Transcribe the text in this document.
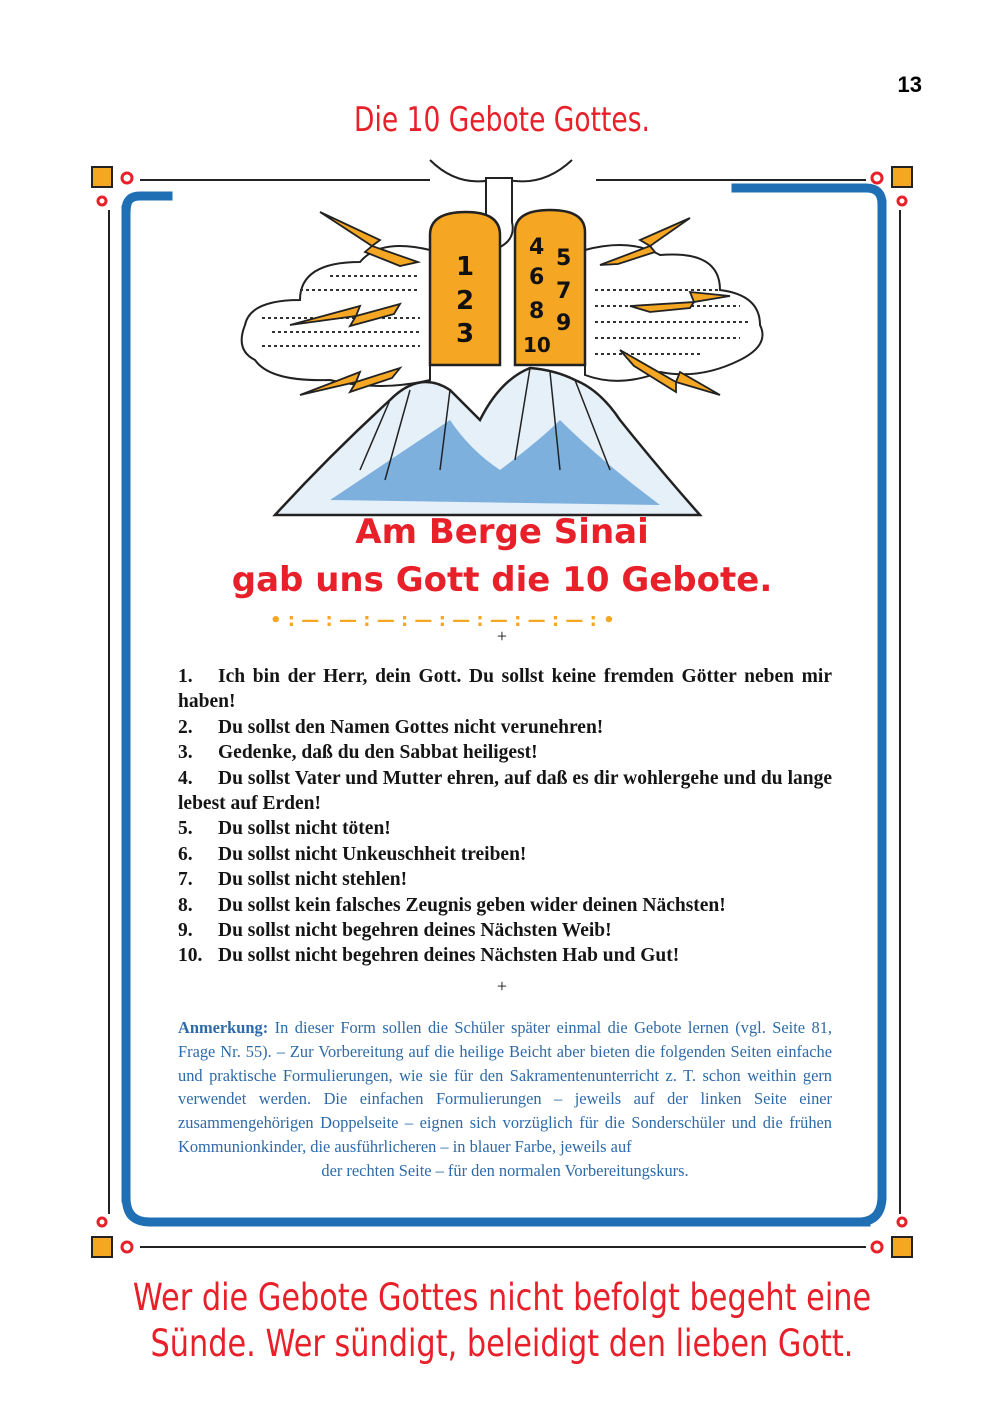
13
Die 10 Gebote Gottes.
1
2
3
4 5
6
7
8 9
10
• : — : — : — : — : — : — : — : — : •
Am Berge Sinai
gab uns Gott die 10 Gebote.
+
1. Ich bin der Herr, dein Gott. Du sollst keine fremden Götter neben mir haben!
2. Du sollst den Namen Gottes nicht verunehren!
3. Gedenke, daß du den Sabbat heiligest!
4. Du sollst Vater und Mutter ehren, auf daß es dir wohlergehe und du lange lebest auf Erden!
5. Du sollst nicht töten!
6. Du sollst nicht Unkeuschheit treiben!
7. Du sollst nicht stehlen!
8. Du sollst kein falsches Zeugnis geben wider deinen Nächsten!
9. Du sollst nicht begehren deines Nächsten Weib!
10. Du sollst nicht begehren deines Nächsten Hab und Gut!
+
Anmerkung: In dieser Form sollen die Schüler später einmal die Gebote lernen (vgl. Seite 81, Frage Nr. 55). – Zur Vorbereitung auf die heilige Beicht aber bieten die folgenden Seiten einfache und praktische Formulierungen, wie sie für den Sakramentenunterricht z. T. schon weithin gern verwendet werden. Die einfachen Formulierungen – jeweils auf der linken Seite einer zusammengehörigen Doppelseite – eignen sich vorzüglich für die Sonderschüler und die frühen Kommunionkinder, die ausführlicheren – in blauer Farbe, jeweils auf
der rechten Seite – für den normalen Vorbereitungskurs.
Wer die Gebote Gottes nicht befolgt begeht eine
Sünde. Wer sündigt, beleidigt den lieben Gott.
